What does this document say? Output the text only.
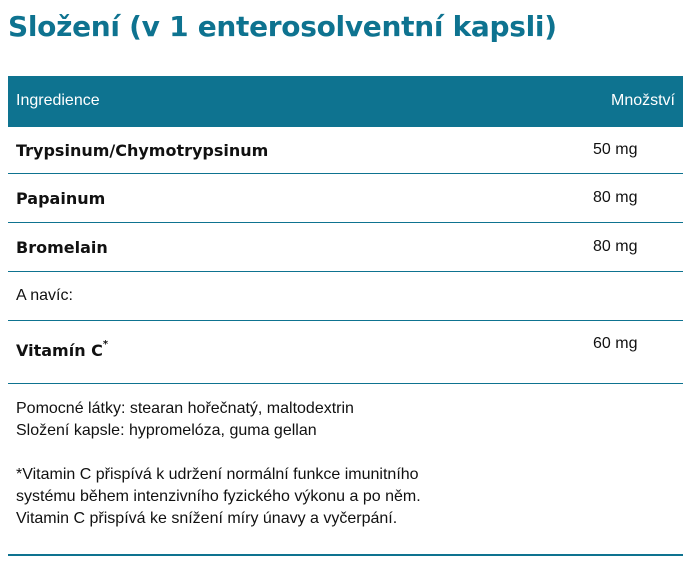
Složení (v 1 enterosolventní kapsli)
Ingredience	Množství
Trypsinum/Chymotrypsinum	50 mg
Papainum	80 mg
Bromelain	80 mg
A navíc:
Vitamín C*	60 mg

Pomocné látky: stearan hořečnatý, maltodextrin

Složení kapsle: hypromelóza, guma gellan

*Vitamin C přispívá k udržení normální funkce imunitního

systému během intenzivního fyzického výkonu a po něm.

Vitamin C přispívá ke snížení míry únavy a vyčerpání.
